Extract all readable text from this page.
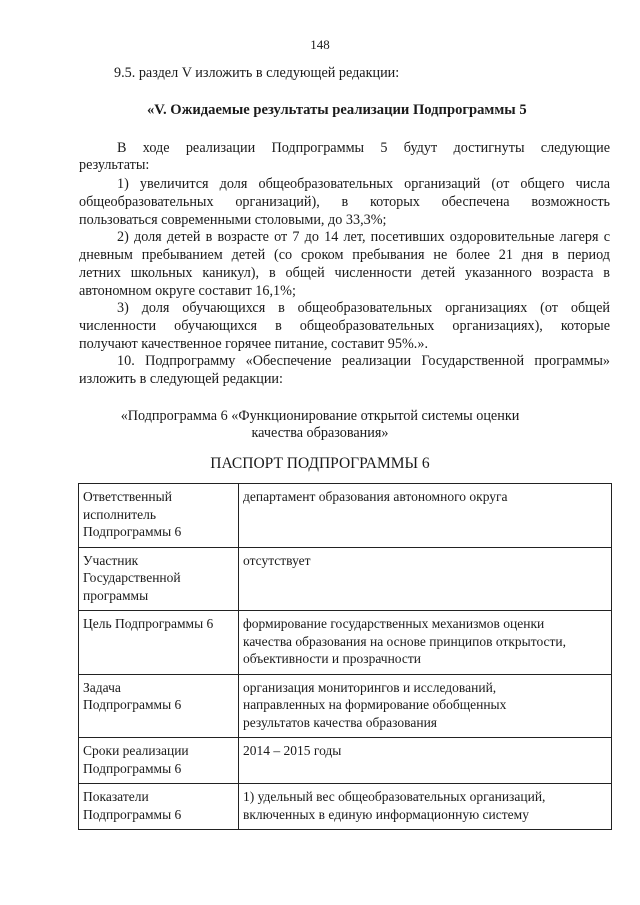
148
9.5. раздел V изложить в следующей редакции:
«V. Ожидаемые результаты реализации Подпрограммы 5
В ходе реализации Подпрограммы 5 будут достигнуты следующие
результаты:
1) увеличится доля общеобразовательных организаций (от общего числа
общеобразовательных организаций), в которых обеспечена возможность
пользоваться современными столовыми, до 33,3%;
2) доля детей в возрасте от 7 до 14 лет, посетивших оздоровительные лагеря с
дневным пребыванием детей (со сроком пребывания не более 21 дня в период
летних школьных каникул), в общей численности детей указанного возраста в
автономном округе составит 16,1%;
3) доля обучающихся в общеобразовательных организациях (от общей
численности обучающихся в общеобразовательных организациях), которые
получают качественное горячее питание, составит 95%.».
10. Подпрограмму «Обеспечение реализации Государственной программы»
изложить в следующей редакции:
«Подпрограмма 6 «Функционирование открытой системы оценки
качества образования»
ПАСПОРТ ПОДПРОГРАММЫ 6
Ответственный
исполнитель
Подпрограммы 6	департамент образования автономного округа

Участник
Государственной
программы	отсутствует

Цель Подпрограммы 6	формирование государственных механизмов оценки
качества образования на основе принципов открытости,
объективности и прозрачности

Задача
Подпрограммы 6	организация мониторингов и исследований,
направленных на формирование обобщенных
результатов качества образования

Сроки реализации
Подпрограммы 6	2014 – 2015 годы

Показатели
Подпрограммы 6	1) удельный вес общеобразовательных организаций,
включенных в единую информационную систему
